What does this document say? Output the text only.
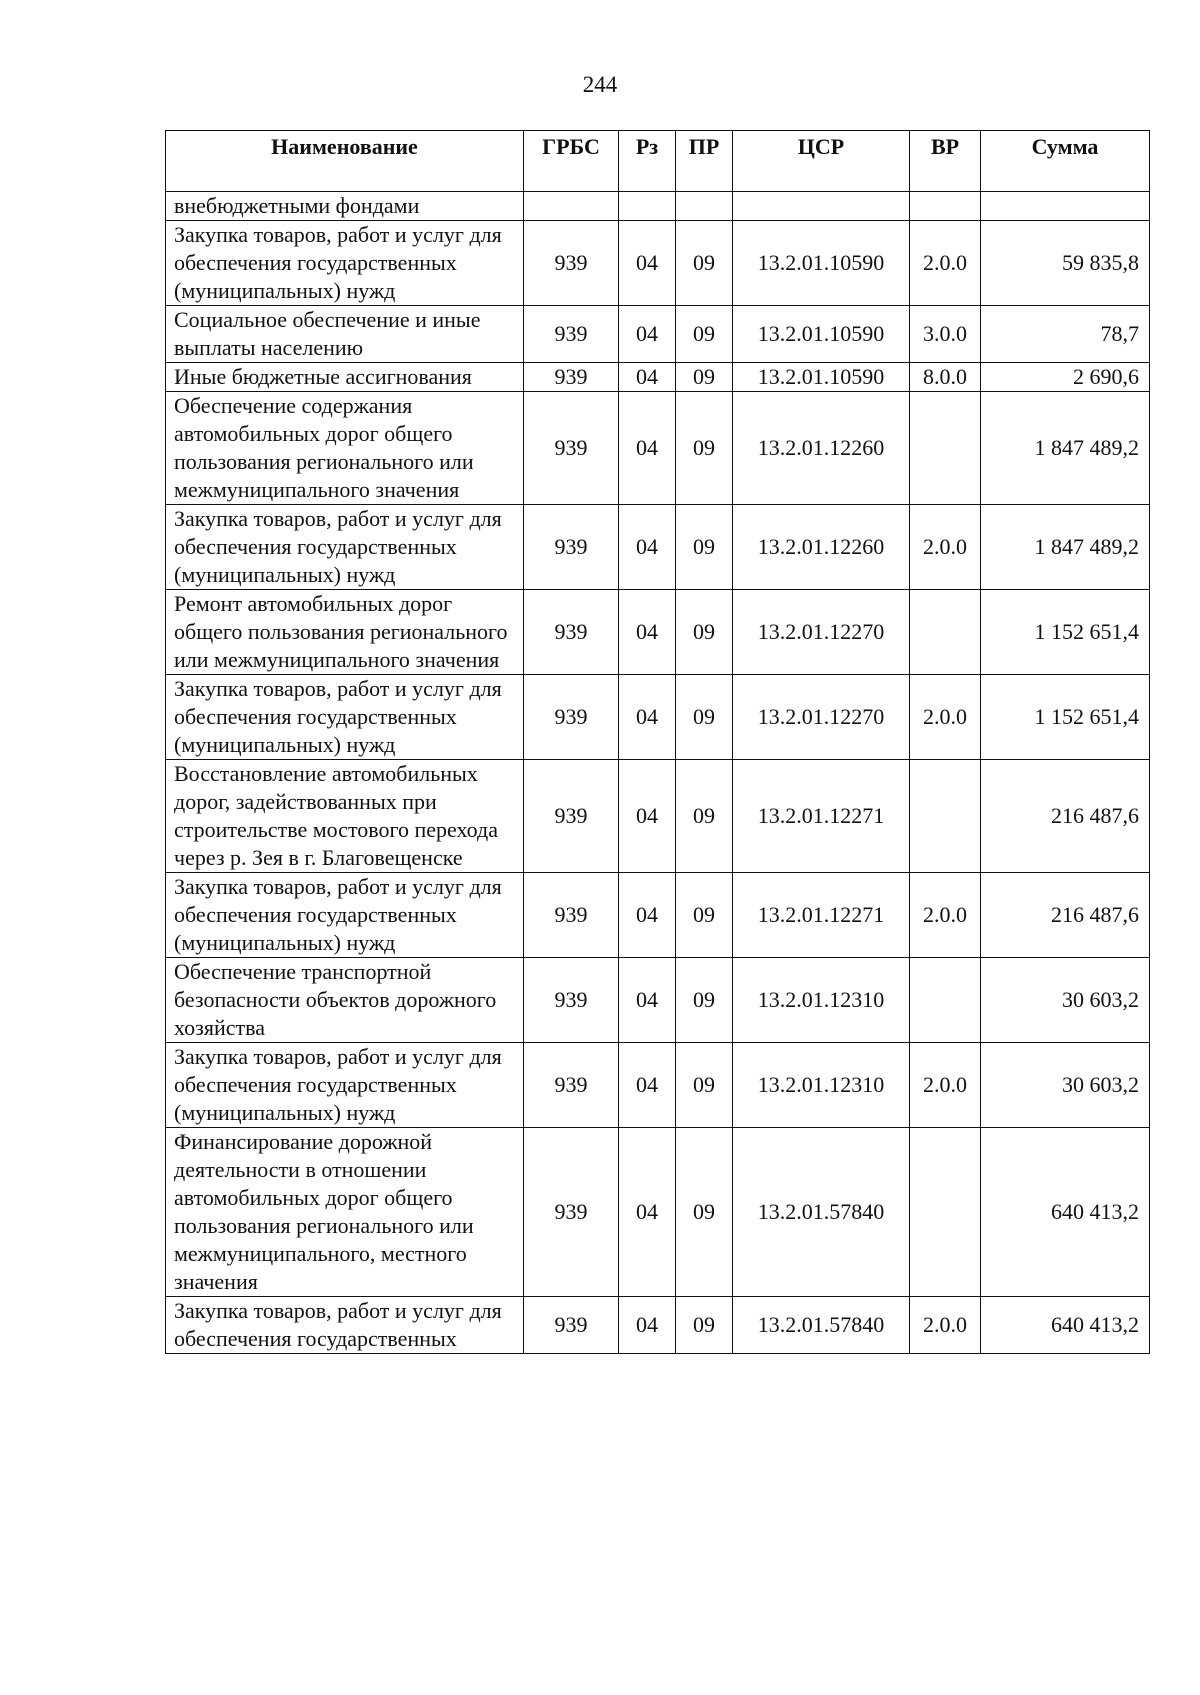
244
Наименование	ГРБС	Рз	ПР	ЦСР	ВР	Сумма
внебюджетными фондами						
Закупка товаров, работ и услуг для обеспечения государственных (муниципальных) нужд	939	04	09	13.2.01.10590	2.0.0	59 835,8
Социальное обеспечение и иные выплаты населению	939	04	09	13.2.01.10590	3.0.0	78,7
Иные бюджетные ассигнования	939	04	09	13.2.01.10590	8.0.0	2 690,6
Обеспечение содержания автомобильных дорог общего пользования регионального или межмуниципального значения	939	04	09	13.2.01.12260		1 847 489,2
Закупка товаров, работ и услуг для обеспечения государственных (муниципальных) нужд	939	04	09	13.2.01.12260	2.0.0	1 847 489,2
Ремонт автомобильных дорог общего пользования регионального или межмуниципального значения	939	04	09	13.2.01.12270		1 152 651,4
Закупка товаров, работ и услуг для обеспечения государственных (муниципальных) нужд	939	04	09	13.2.01.12270	2.0.0	1 152 651,4
Восстановление автомобильных дорог, задействованных при строительстве мостового перехода через р. Зея в г. Благовещенске	939	04	09	13.2.01.12271		216 487,6
Закупка товаров, работ и услуг для обеспечения государственных (муниципальных) нужд	939	04	09	13.2.01.12271	2.0.0	216 487,6
Обеспечение транспортной безопасности объектов дорожного хозяйства	939	04	09	13.2.01.12310		30 603,2
Закупка товаров, работ и услуг для обеспечения государственных (муниципальных) нужд	939	04	09	13.2.01.12310	2.0.0	30 603,2
Финансирование дорожной деятельности в отношении автомобильных дорог общего пользования регионального или межмуниципального, местного значения	939	04	09	13.2.01.57840		640 413,2
Закупка товаров, работ и услуг для обеспечения государственных	939	04	09	13.2.01.57840	2.0.0	640 413,2
